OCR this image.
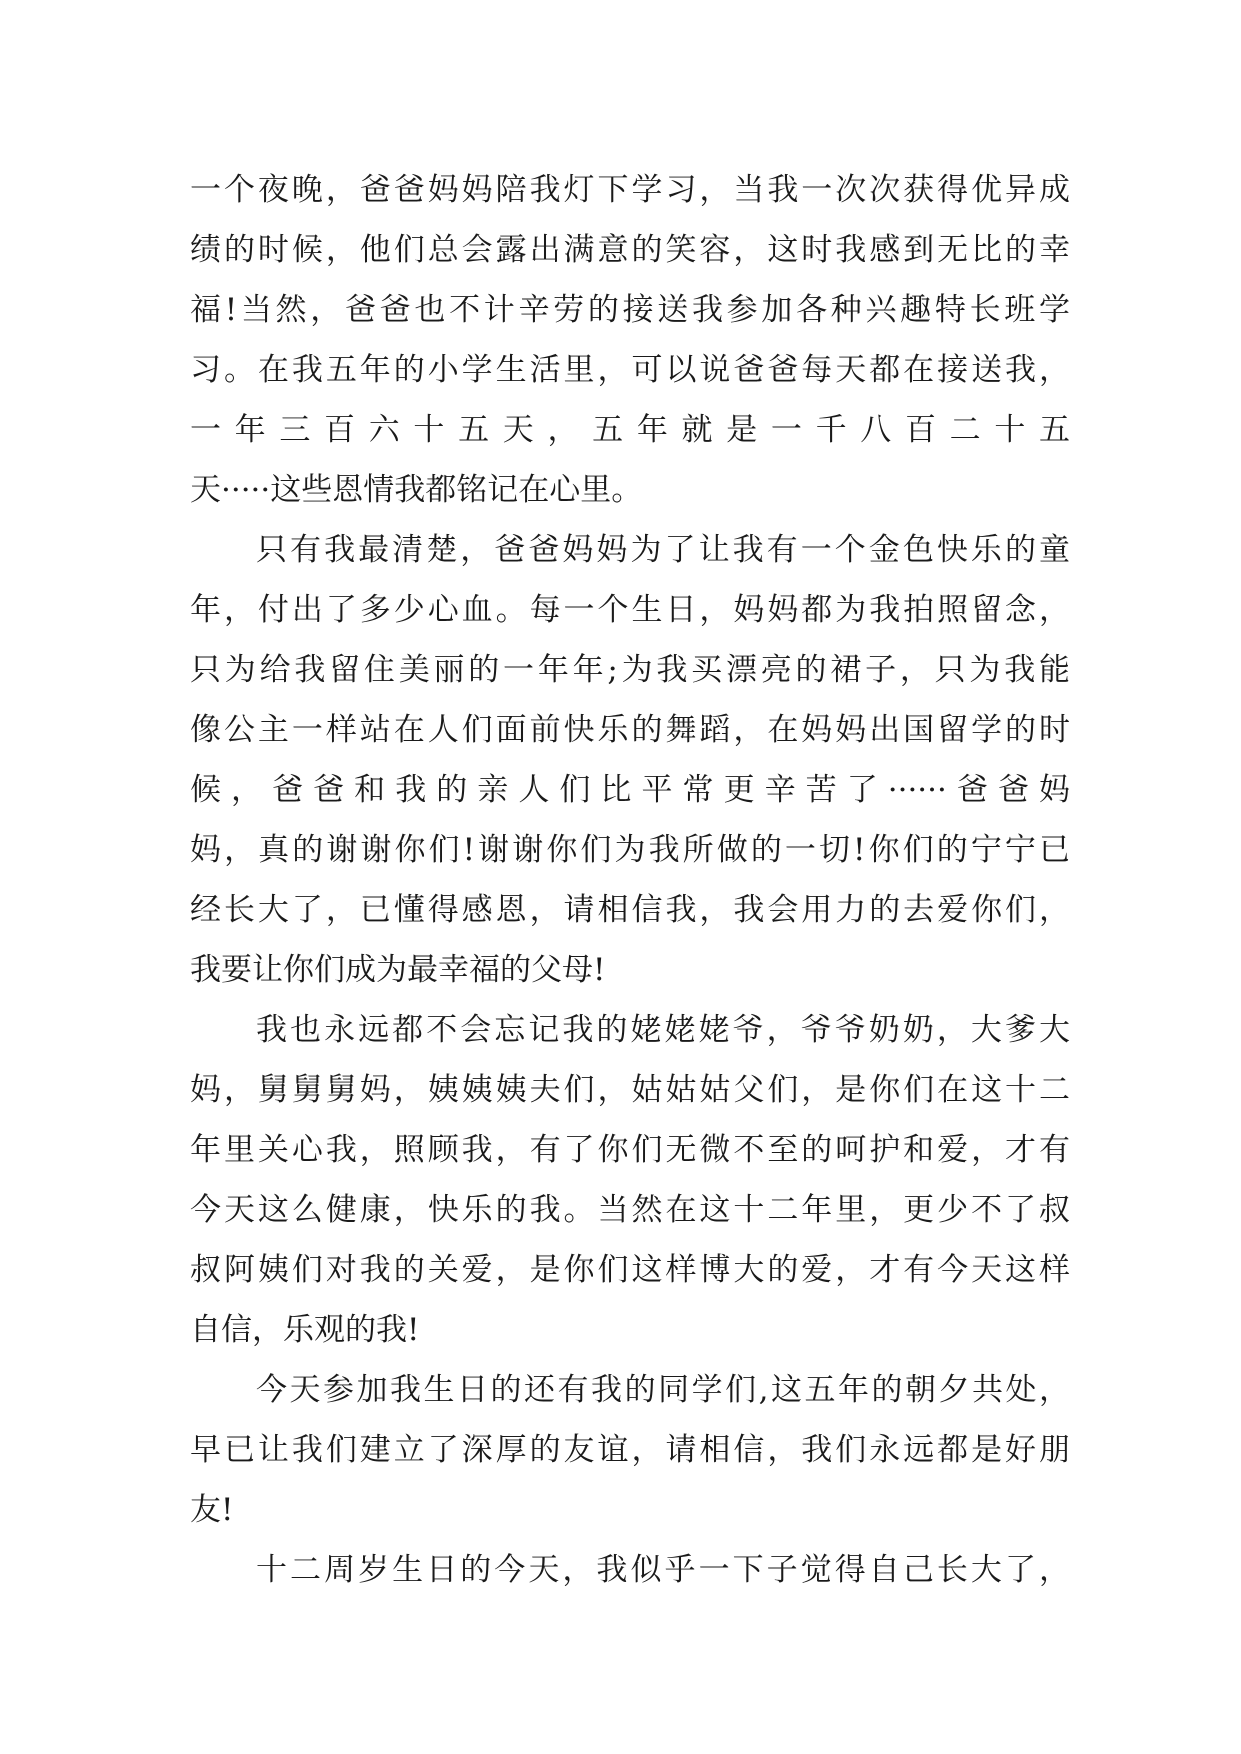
一个夜晚，爸爸妈妈陪我灯下学习，当我一次次获得优异成
绩的时候，他们总会露出满意的笑容，这时我感到无比的幸
福!当然，爸爸也不计辛劳的接送我参加各种兴趣特长班学
习。在我五年的小学生活里，可以说爸爸每天都在接送我，
一年三百六十五天，五年就是一千八百二十五
天·····这些恩情我都铭记在心里。
只有我最清楚，爸爸妈妈为了让我有一个金色快乐的童
年，付出了多少心血。每一个生日，妈妈都为我拍照留念，
只为给我留住美丽的一年年;为我买漂亮的裙子，只为我能
像公主一样站在人们面前快乐的舞蹈，在妈妈出国留学的时
候，爸爸和我的亲人们比平常更辛苦了······爸爸妈
妈，真的谢谢你们!谢谢你们为我所做的一切!你们的宁宁已
经长大了，已懂得感恩，请相信我，我会用力的去爱你们，
我要让你们成为最幸福的父母!
我也永远都不会忘记我的姥姥姥爷，爷爷奶奶，大爹大
妈，舅舅舅妈，姨姨姨夫们，姑姑姑父们，是你们在这十二
年里关心我，照顾我，有了你们无微不至的呵护和爱，才有
今天这么健康，快乐的我。当然在这十二年里，更少不了叔
叔阿姨们对我的关爱，是你们这样博大的爱，才有今天这样
自信，乐观的我!
今天参加我生日的还有我的同学们,这五年的朝夕共处，
早已让我们建立了深厚的友谊，请相信，我们永远都是好朋
友!
十二周岁生日的今天，我似乎一下子觉得自己长大了，
